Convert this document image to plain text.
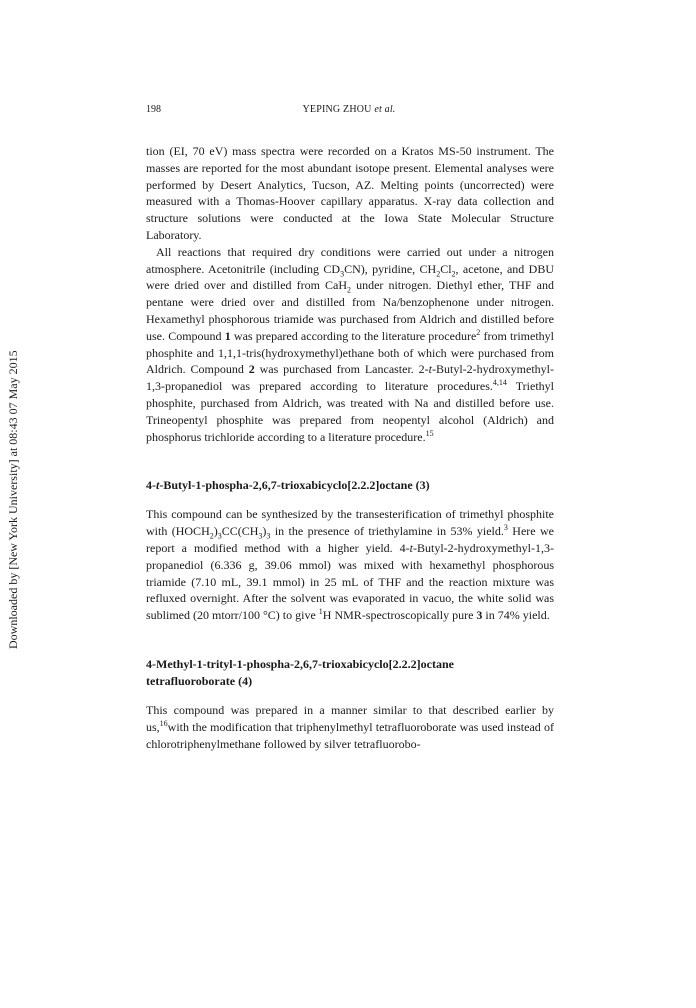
Downloaded by [New York University] at 08:43 07 May 2015
198	YEPING ZHOU et al.

tion (EI, 70 eV) mass spectra were recorded on a Kratos MS-50 instrument. The masses are reported for the most abundant isotope present. Elemental analyses were performed by Desert Analytics, Tucson, AZ. Melting points (uncorrected) were measured with a Thomas-Hoover capillary apparatus. X-ray data collection and structure solutions were conducted at the Iowa State Molecular Structure Laboratory.

All reactions that required dry conditions were carried out under a nitrogen atmosphere. Acetonitrile (including $CD_3CN$), pyridine, $CH_2Cl_2$, acetone, and DBU were dried over and distilled from CaH$_2$ under nitrogen. Diethyl ether, THF and pentane were dried over and distilled from Na/benzophenone under nitrogen. Hexamethyl phosphorous triamide was purchased from Aldrich and distilled before use. Compound 1 was prepared according to the literature procedure$^2$ from trimethyl phosphite and 1,1,1-tris(hydroxymethyl)ethane both of which were purchased from Aldrich. Compound 2 was purchased from Lancaster. 2-t-Butyl-2-hydroxymethyl-1,3-propanediol was prepared according to literature procedures.$^{4,14}$ Triethyl phosphite, purchased from Aldrich, was treated with Na and distilled before use. Trineopentyl phosphite was prepared from neopentyl alcohol (Aldrich) and phosphorus trichloride according to a literature procedure.$^{15}$

4-t-Butyl-1-phospha-2,6,7-trioxabicyclo[2.2.2]octane (3)

This compound can be synthesized by the transesterification of trimethyl phosphite with $(HOCH_2)_3CC(CH_3)_3$ in the presence of triethylamine in 53% yield.$^3$ Here we report a modified method with a higher yield. 4-t-Butyl-2-hydroxymethyl-1,3-propanediol (6.336 g, 39.06 mmol) was mixed with hexamethyl phosphorous triamide (7.10 mL, 39.1 mmol) in 25 mL of THF and the reaction mixture was refluxed overnight. After the solvent was evaporated in vacuo, the white solid was sublimed (20 mtorr/100 °C) to give $^1$H NMR-spectroscopically pure 3 in 74% yield.

4-Methyl-1-trityl-1-phospha-2,6,7-trioxabicyclo[2.2.2]octane
tetrafluoroborate (4)

This compound was prepared in a manner similar to that described earlier by us,$^{16}$with the modification that triphenylmethyl tetrafluoroborate was used instead of chlorotriphenylmethane followed by silver tetrafluorobo-
